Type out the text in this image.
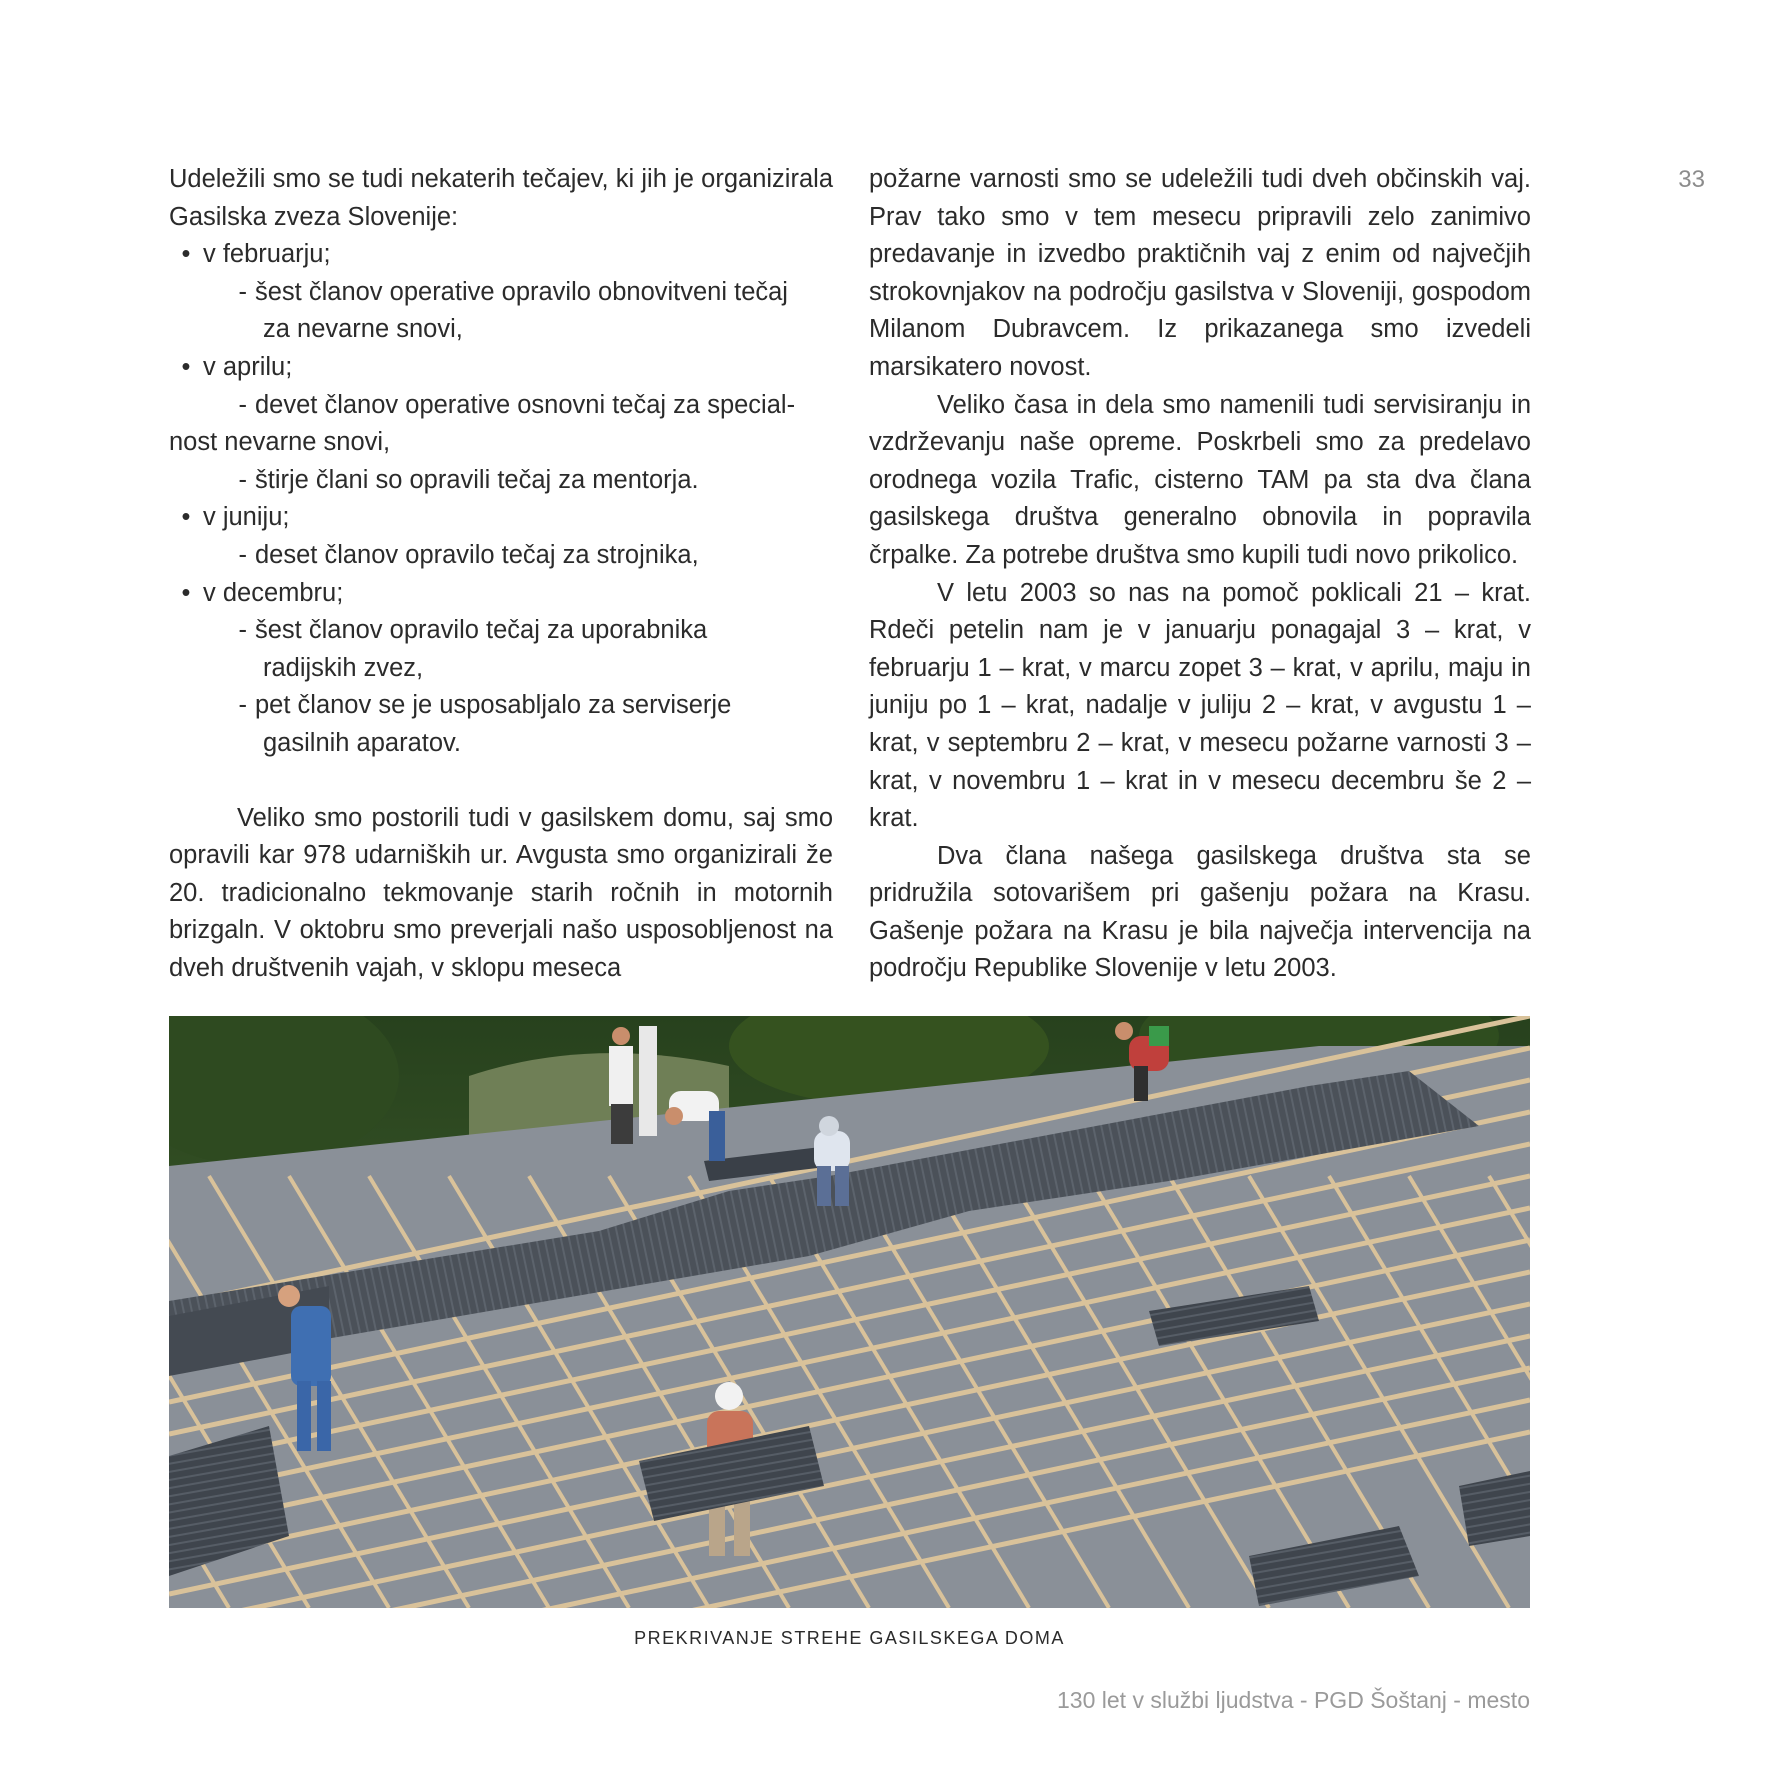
33

Udeležili smo se tudi nekaterih tečajev, ki jih je organizirala Gasilska zveza Slovenije:

• v februarju;
- šest članov operative opravilo obnovitveni tečaj
za nevarne snovi,
• v aprilu;
- devet članov operative osnovni tečaj za special-
nost nevarne snovi,
- štirje člani so opravili tečaj za mentorja.
• v juniju;
- deset članov opravilo tečaj za strojnika,
• v decembru;
- šest članov opravilo tečaj za uporabnika
radijskih zvez,
- pet članov se je usposabljalo za serviserje
gasilnih aparatov.

Veliko smo postorili tudi v gasilskem domu, saj smo opravili kar 978 udarniških ur. Avgusta smo organizirali že 20. tradicionalno tekmovanje starih ročnih in motornih brizgaln. V oktobru smo preverjali našo usposobljenost na dveh društvenih vajah, v sklopu meseca

požarne varnosti smo se udeležili tudi dveh občinskih vaj. Prav tako smo v tem mesecu pripravili zelo zanimivo predavanje in izvedbo praktičnih vaj z enim od največjih strokovnjakov na področju gasilstva v Sloveniji, gospodom Milanom Dubravcem. Iz prikazanega smo izvedeli marsikatero novost.

Veliko časa in dela smo namenili tudi servisiranju in vzdrževanju naše opreme. Poskrbeli smo za predelavo orodnega vozila Trafic, cisterno TAM pa sta dva člana gasilskega društva generalno obnovila in popravila črpalke. Za potrebe društva smo kupili tudi novo prikolico.

V letu 2003 so nas na pomoč poklicali 21 – krat. Rdeči petelin nam je v januarju ponagajal 3 – krat, v februarju 1 – krat, v marcu zopet 3 – krat, v aprilu, maju in juniju po 1 – krat, nadalje v juliju 2 – krat, v avgustu 1 – krat, v septembru 2 – krat, v mesecu požarne varnosti 3 – krat, v novembru 1 – krat in v mesecu decembru še 2 – krat.

Dva člana našega gasilskega društva sta se pridružila sotovarišem pri gašenju požara na Krasu. Gašenje požara na Krasu je bila največja intervencija na področju Republike Slovenije v letu 2003.

PREKRIVANJE STREHE GASILSKEGA DOMA
130 let v službi ljudstva - PGD Šoštanj - mesto
